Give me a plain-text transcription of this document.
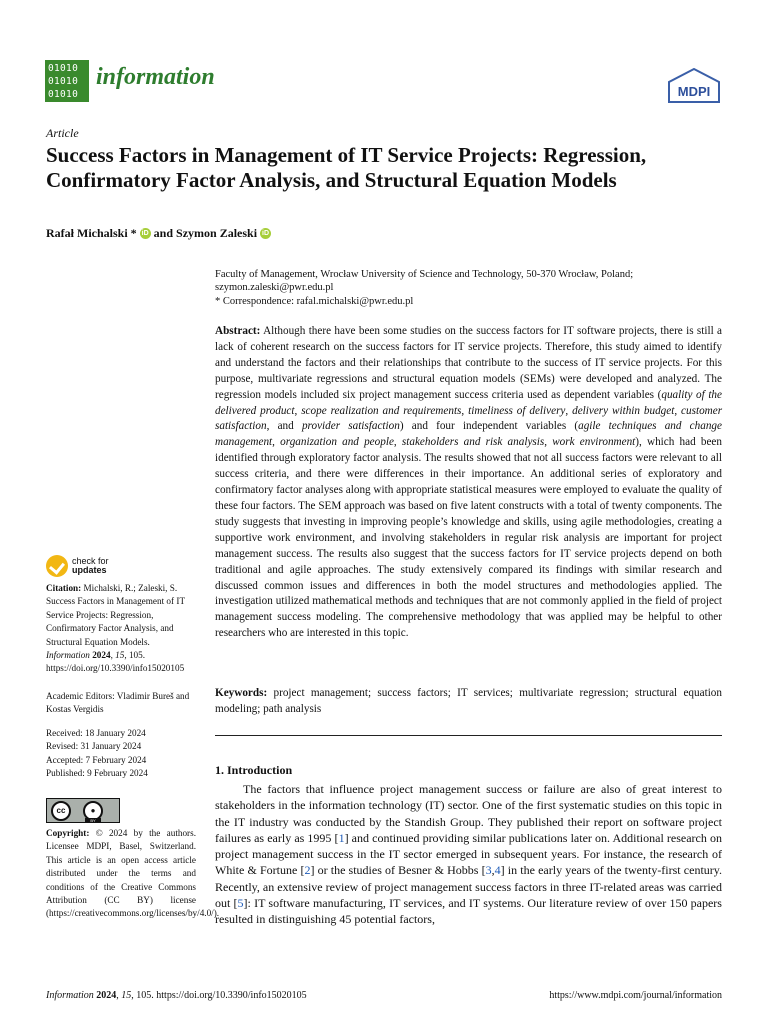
01010
01010
01010
information
MDPI
Article
Success Factors in Management of IT Service Projects: Regression, Confirmatory Factor Analysis, and Structural Equation Models
Rafał Michalski * iD and Szymon Zaleski iD
Faculty of Management, Wrocław University of Science and Technology, 50-370 Wrocław, Poland;
szymon.zaleski@pwr.edu.pl
* Correspondence: rafal.michalski@pwr.edu.pl
Abstract: Although there have been some studies on the success factors for IT software projects, there is still a lack of coherent research on the success factors for IT service projects. Therefore, this study aimed to identify and understand the factors and their relationships that contribute to the success of IT service projects. For this purpose, multivariate regressions and structural equation models (SEMs) were developed and analyzed. The regression models included six project management success criteria used as dependent variables (quality of the delivered product, scope realization and requirements, timeliness of delivery, delivery within budget, customer satisfaction, and provider satisfaction) and four independent variables (agile techniques and change management, organization and people, stakeholders and risk analysis, work environment), which had been identified through exploratory factor analysis. The results showed that not all success factors were relevant to all success criteria, and there were differences in their importance. An additional series of exploratory and confirmatory factor analyses along with appropriate statistical measures were employed to evaluate the quality of these four factors. The SEM approach was based on five latent constructs with a total of twenty components. The study suggests that investing in improving people’s knowledge and skills, using agile methodologies, creating a supportive work environment, and involving stakeholders in regular risk analysis are important for project management success. The results also suggest that the success factors for IT service projects depend on both traditional and agile approaches. The study extensively compared its findings with similar research and discussed common issues and differences in both the model structures and methodologies applied. The investigation utilized mathematical methods and techniques that are not commonly applied in the field of project management success modeling. The comprehensive methodology that was applied may be helpful to other researchers who are interested in this topic.
Keywords: project management; success factors; IT services; multivariate regression; structural equation modeling; path analysis
1. Introduction
The factors that influence project management success or failure are also of great interest to stakeholders in the information technology (IT) sector. One of the first systematic studies on this topic in the IT industry was conducted by the Standish Group. They published their report on software project failures as early as 1995 [1] and continued providing similar publications later on. Additional research on project management success in the IT sector emerged in subsequent years. For instance, the research of White & Fortune [2] or the studies of Besner & Hobbs [3,4] in the early years of the twenty-first century. Recently, an extensive review of project management success factors in three IT-related areas was carried out [5]: IT software manufacturing, IT services, and IT systems. Our literature review of over 150 papers resulted in distinguishing 45 potential factors,
check for
updates
Citation: Michalski, R.; Zaleski, S. Success Factors in Management of IT Service Projects: Regression, Confirmatory Factor Analysis, and Structural Equation Models. Information 2024, 15, 105. https://doi.org/10.3390/info15020105
Academic Editors: Vladimir Bureš and Kostas Vergidis
Received: 18 January 2024
Revised: 31 January 2024
Accepted: 7 February 2024
Published: 9 February 2024
cc	●
BY
Copyright: © 2024 by the authors. Licensee MDPI, Basel, Switzerland. This article is an open access article distributed under the terms and conditions of the Creative Commons Attribution (CC BY) license (https://creativecommons.org/licenses/by/4.0/).
Information 2024, 15, 105. https://doi.org/10.3390/info15020105	https://www.mdpi.com/journal/information
